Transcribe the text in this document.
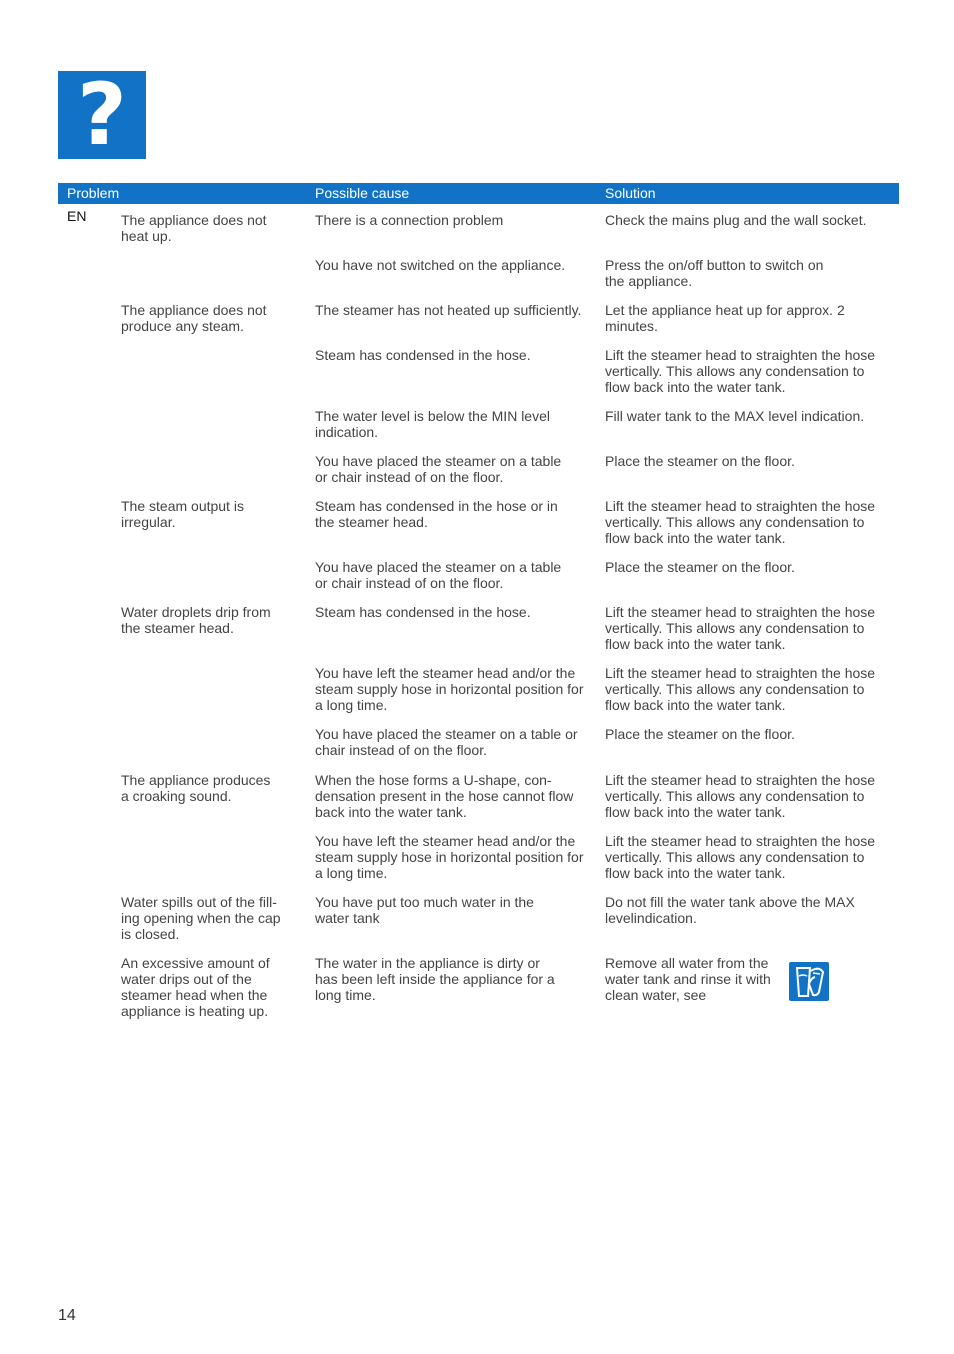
?
Problem	Possible cause	Solution
EN The appliance does not heat up.
The appliance does not produce any steam.
The steam output is irregular.
Water droplets drip from the steamer head.
The appliance produces a croaking sound.
Water spills out of the fill-ing opening when the cap is closed.
An excessive amount of water drips out of the steamer head when the appliance is heating up.
There is a connection problem
You have not switched on the appliance.
The steamer has not heated up sufficiently.
Steam has condensed in the hose.
The water level is below the MIN level indication.
You have placed the steamer on a table or chair instead of on the floor.
Steam has condensed in the hose or in the steamer head.
You have placed the steamer on a table or chair instead of on the floor.
Steam has condensed in the hose.
You have left the steamer head and/or the steam supply hose in horizontal position for a long time.
You have placed the steamer on a table or chair instead of on the floor.
When the hose forms a U-shape, con-densation present in the hose cannot flow back into the water tank.
You have left the steamer head and/or the steam supply hose in horizontal position for a long time.
You have put too much water in the water tank
The water in the appliance is dirty or has been left inside the appliance for a long time.
Check the mains plug and the wall socket.
Press the on/off button to switch on the appliance.
Let the appliance heat up for approx. 2 minutes.
Lift the steamer head to straighten the hose vertically. This allows any condensation to flow back into the water tank.
Fill water tank to the MAX level indication.
Place the steamer on the floor.
Lift the steamer head to straighten the hose vertically. This allows any condensation to flow back into the water tank.
Place the steamer on the floor.
Lift the steamer head to straighten the hose vertically. This allows any condensation to flow back into the water tank.
Lift the steamer head to straighten the hose vertically. This allows any condensation to flow back into the water tank.
Place the steamer on the floor.
Lift the steamer head to straighten the hose vertically. This allows any condensation to flow back into the water tank.
Lift the steamer head to straighten the hose vertically. This allows any condensation to flow back into the water tank.
Do not fill the water tank above the MAX levelindication.
Remove all water from the water tank and rinse it with clean water, see
14
